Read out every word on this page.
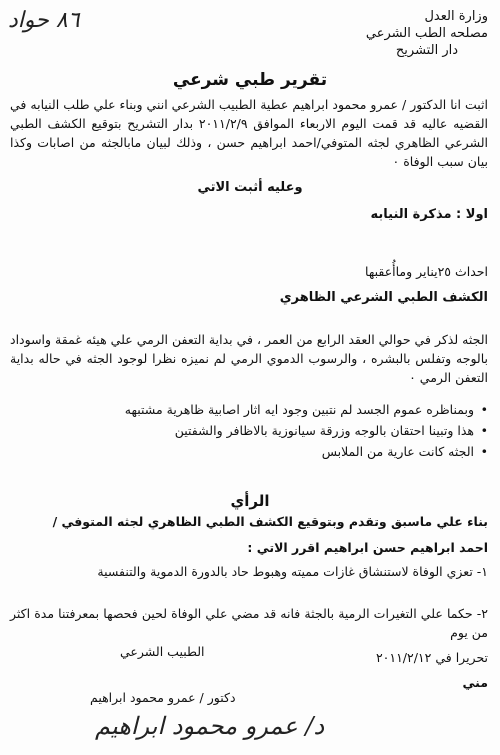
٨٦ حواد	وزارة العدل
مصلحه الطب الشرعي
دار التشريح
تقرير طبي شرعي
اثبت انا الدكتور / عمرو محمود ابراهيم عطية الطبيب الشرعي انني وبناء علي طلب النيابه في القضيه عاليه قد قمت اليوم الاربعاء الموافق ٢٠١١/٢/٩ بدار التشريح بتوقيع الكشف الطبي الشرعي الظاهري لجثه المتوفي/احمد ابراهيم حسن ، وذلك لبيان مابالجثه من اصابات وكذا بيان سبب الوفاة ٠
وعليه أثبت الاتي
اولا : مذكرة النيابه
احداث ٢٥يناير وماأُعقبها
الكشف الطبي الشرعي الظاهري
الجثه لذكر في حوالي العقد الرابع من العمر ، في بداية التعفن الرمي علي هيئه غمقة واسوداد بالوجه وتفلس بالبشره ، والرسوب الدموي الرمي لم نميزه نظرا لوجود الجثه في حاله بداية التعفن الرمي ٠
• وبمناظره عموم الجسد لم نتبين وجود ايه اثار اصابية ظاهرية مشتبهه
• هذا وتبينا احتقان بالوجه وزرقة سيانوزية بالاظافر والشفتين
• الجثه كانت عارية من الملابس
الرأي
بناء علي ماسبق وتقدم وبتوقيع الكشف الطبي الظاهري لجثه المتوفي /
احمد ابراهيم حسن ابراهيم اقرر الاتي :
١- تعزي الوفاة لاستنشاق غازات مميته وهبوط حاد بالدورة الدموية والتنفسية
٢- حكما علي التغيرات الرمية بالجثة فانه قد مضي علي الوفاة لحين فحصها بمعرفتنا مدة اكثر من يوم
الطبيب الشرعي	تحريرا في ٢٠١١/٢/١٢
مني
دكتور / عمرو محمود ابراهيم
د/ عمرو محمود ابراهيم
